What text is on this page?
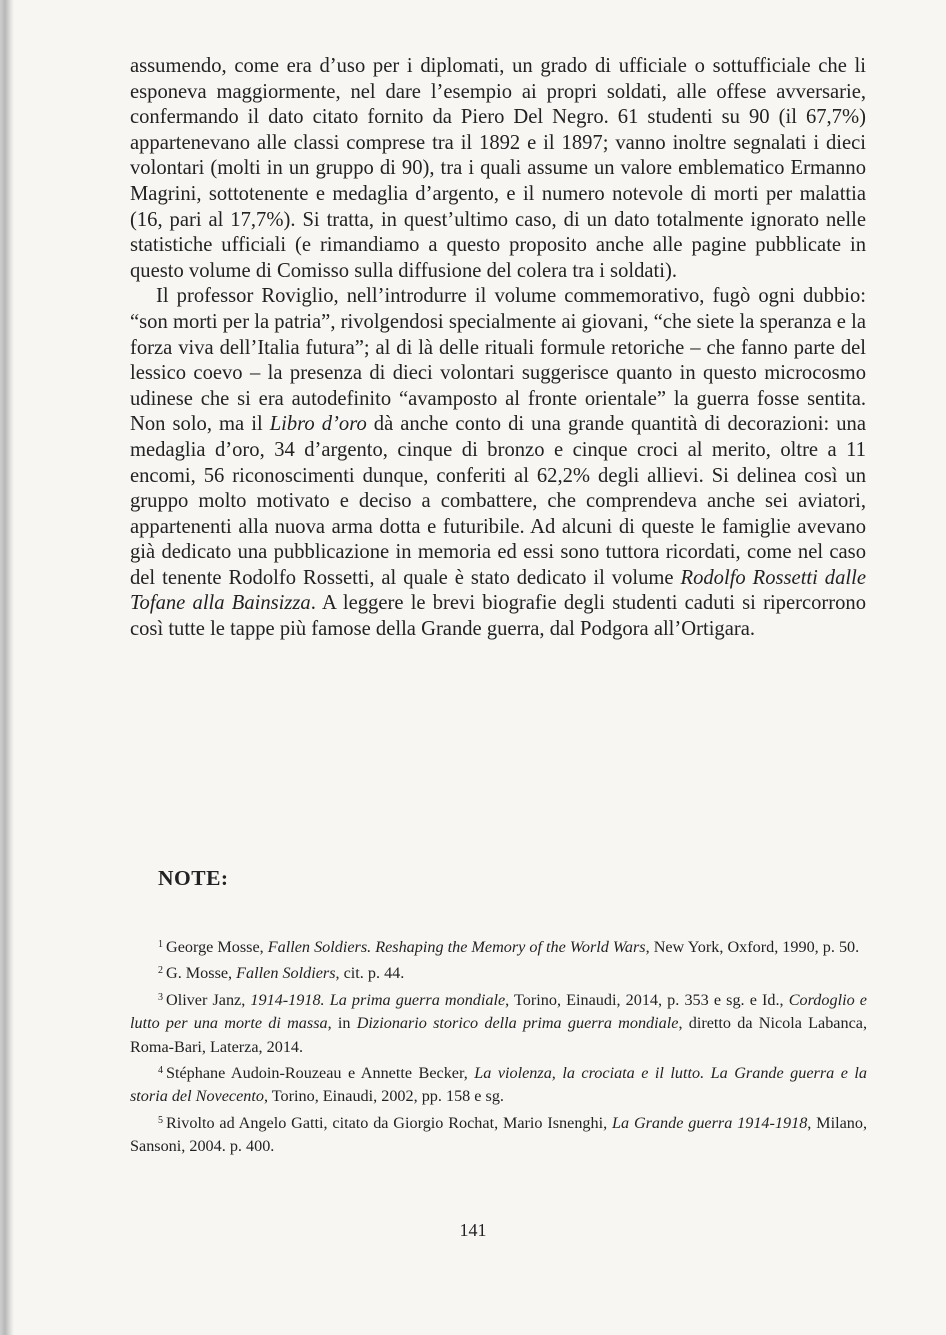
assumendo, come era d’uso per i diplomati, un grado di ufficiale o sottufficiale che li esponeva maggiormente, nel dare l’esempio ai propri soldati, alle offese avversarie, confermando il dato citato fornito da Piero Del Negro. 61 studenti su 90 (il 67,7%) appartenevano alle classi comprese tra il 1892 e il 1897; vanno inoltre segnalati i dieci volontari (molti in un gruppo di 90), tra i quali assume un valore emblematico Ermanno Magrini, sottotenente e medaglia d’argento, e il numero notevole di morti per malattia (16, pari al 17,7%). Si tratta, in quest’ultimo caso, di un dato totalmente ignorato nelle statistiche ufficiali (e rimandiamo a questo proposito anche alle pagine pubblicate in questo volume di Comisso sulla diffusione del colera tra i soldati).

Il professor Roviglio, nell’introdurre il volume commemorativo, fugò ogni dubbio: “son morti per la patria”, rivolgendosi specialmente ai giovani, “che siete la speranza e la forza viva dell’Italia futura”; al di là delle rituali formule retoriche – che fanno parte del lessico coevo – la presenza di dieci volontari suggerisce quanto in questo microcosmo udinese che si era autodefinito “avamposto al fronte orientale” la guerra fosse sentita. Non solo, ma il Libro d’oro dà anche conto di una grande quantità di decorazioni: una medaglia d’oro, 34 d’argento, cinque di bronzo e cinque croci al merito, oltre a 11 encomi, 56 riconoscimenti dunque, conferiti al 62,2% degli allievi. Si delinea così un gruppo molto motivato e deciso a combattere, che comprendeva anche sei aviatori, appartenenti alla nuova arma dotta e futuribile. Ad alcuni di queste le famiglie avevano già dedicato una pubblicazione in memoria ed essi sono tuttora ricordati, come nel caso del tenente Rodolfo Rossetti, al quale è stato dedicato il volume Rodolfo Rossetti dalle Tofane alla Bainsizza. A leggere le brevi biografie degli studenti caduti si ripercorrono così tutte le tappe più famose della Grande guerra, dal Podgora all’Ortigara.

NOTE:

$^1$ George Mosse, Fallen Soldiers. Reshaping the Memory of the World Wars, New York, Oxford, 1990, p. 50.

$^2$ G. Mosse, Fallen Soldiers, cit. p. 44.

$^3$ Oliver Janz, 1914-1918. La prima guerra mondiale, Torino, Einaudi, 2014, p. 353 e sg. e Id., Cordoglio e lutto per una morte di massa, in Dizionario storico della prima guerra mondiale, diretto da Nicola Labanca, Roma-Bari, Laterza, 2014.

$^4$ Stéphane Audoin-Rouzeau e Annette Becker, La violenza, la crociata e il lutto. La Grande guerra e la storia del Novecento, Torino, Einaudi, 2002, pp. 158 e sg.

$^5$ Rivolto ad Angelo Gatti, citato da Giorgio Rochat, Mario Isnenghi, La Grande guerra 1914-1918, Milano, Sansoni, 2004. p. 400.

141
